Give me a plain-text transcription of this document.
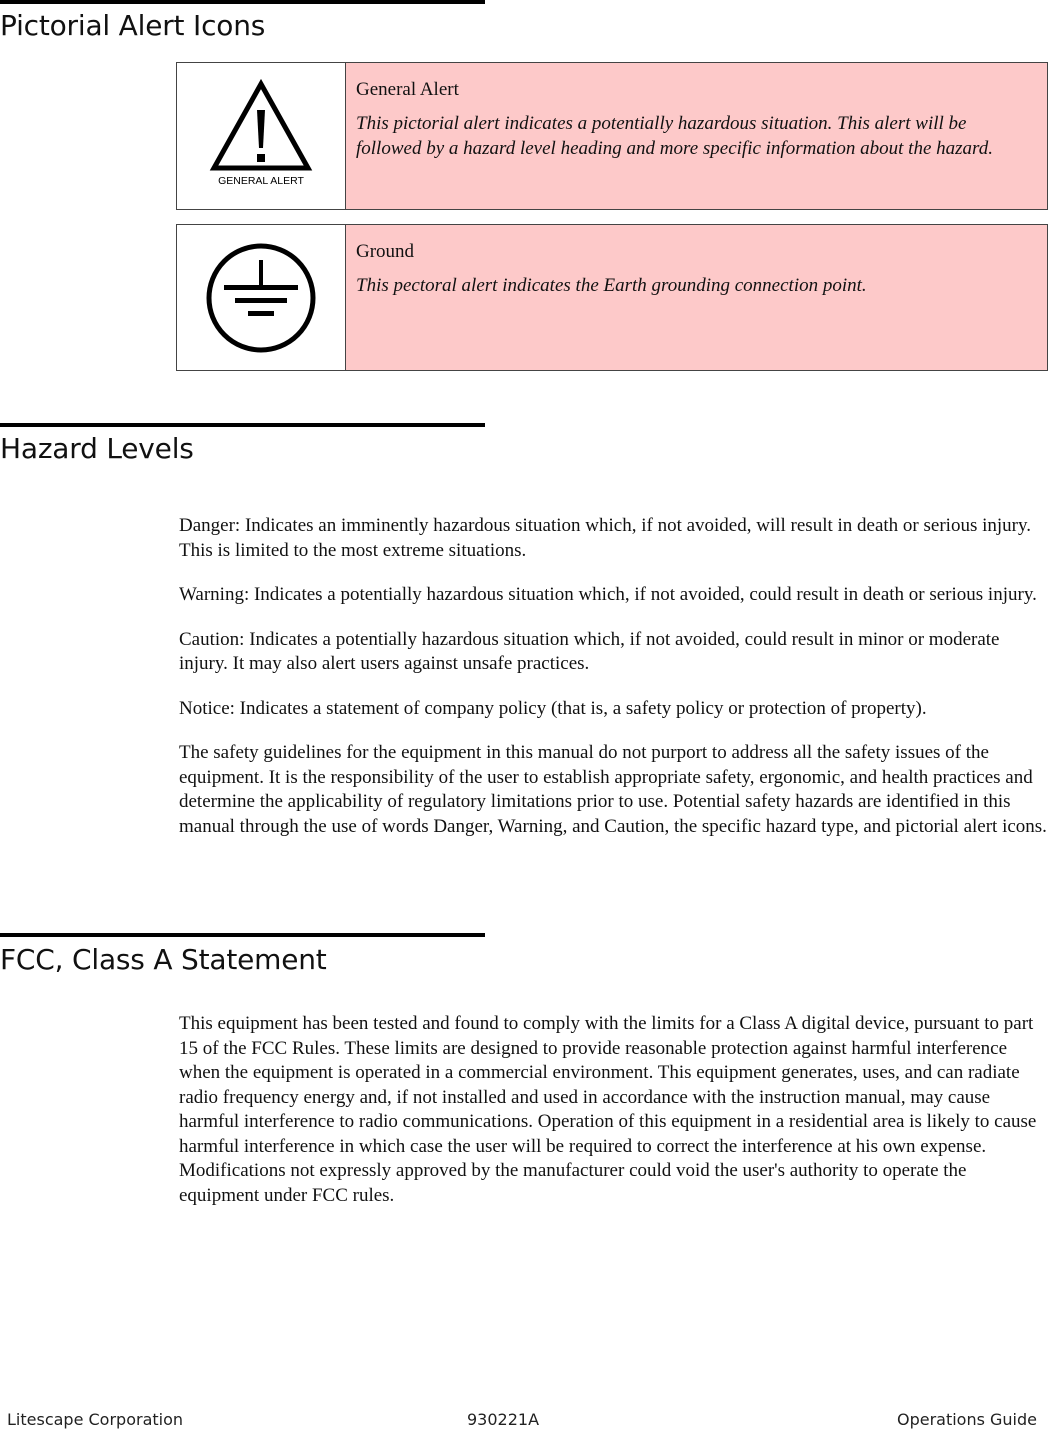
Pictorial Alert Icons
GENERAL ALERT

General Alert

This pictorial alert indicates a potentially hazardous situation. This alert will be followed by a hazard level heading and more specific information about the hazard.

Ground

This pectoral alert indicates the Earth grounding connection point.

Hazard Levels

Danger: Indicates an imminently hazardous situation which, if not avoided, will result in death or serious injury. This is limited to the most extreme situations.

Warning: Indicates a potentially hazardous situation which, if not avoided, could result in death or serious injury.

Caution: Indicates a potentially hazardous situation which, if not avoided, could result in minor or moderate injury. It may also alert users against unsafe practices.

Notice: Indicates a statement of company policy (that is, a safety policy or protection of property).

The safety guidelines for the equipment in this manual do not purport to address all the safety issues of the equipment. It is the responsibility of the user to establish appropriate safety, ergonomic, and health practices and determine the applicability of regulatory limitations prior to use. Potential safety hazards are identified in this manual through the use of words Danger, Warning, and Caution, the specific hazard type, and pictorial alert icons.

FCC, Class A Statement

This equipment has been tested and found to comply with the limits for a Class A digital device, pursuant to part 15 of the FCC Rules. These limits are designed to provide reasonable protection against harmful interference when the equipment is operated in a commercial environment. This equipment generates, uses, and can radiate radio frequency energy and, if not installed and used in accordance with the instruction manual, may cause harmful interference to radio communications. Operation of this equipment in a residential area is likely to cause harmful interference in which case the user will be required to correct the interference at his own expense. Modifications not expressly approved by the manufacturer could void the user's authority to operate the equipment under FCC rules.

Litescape Corporation	930221A	Operations Guide
